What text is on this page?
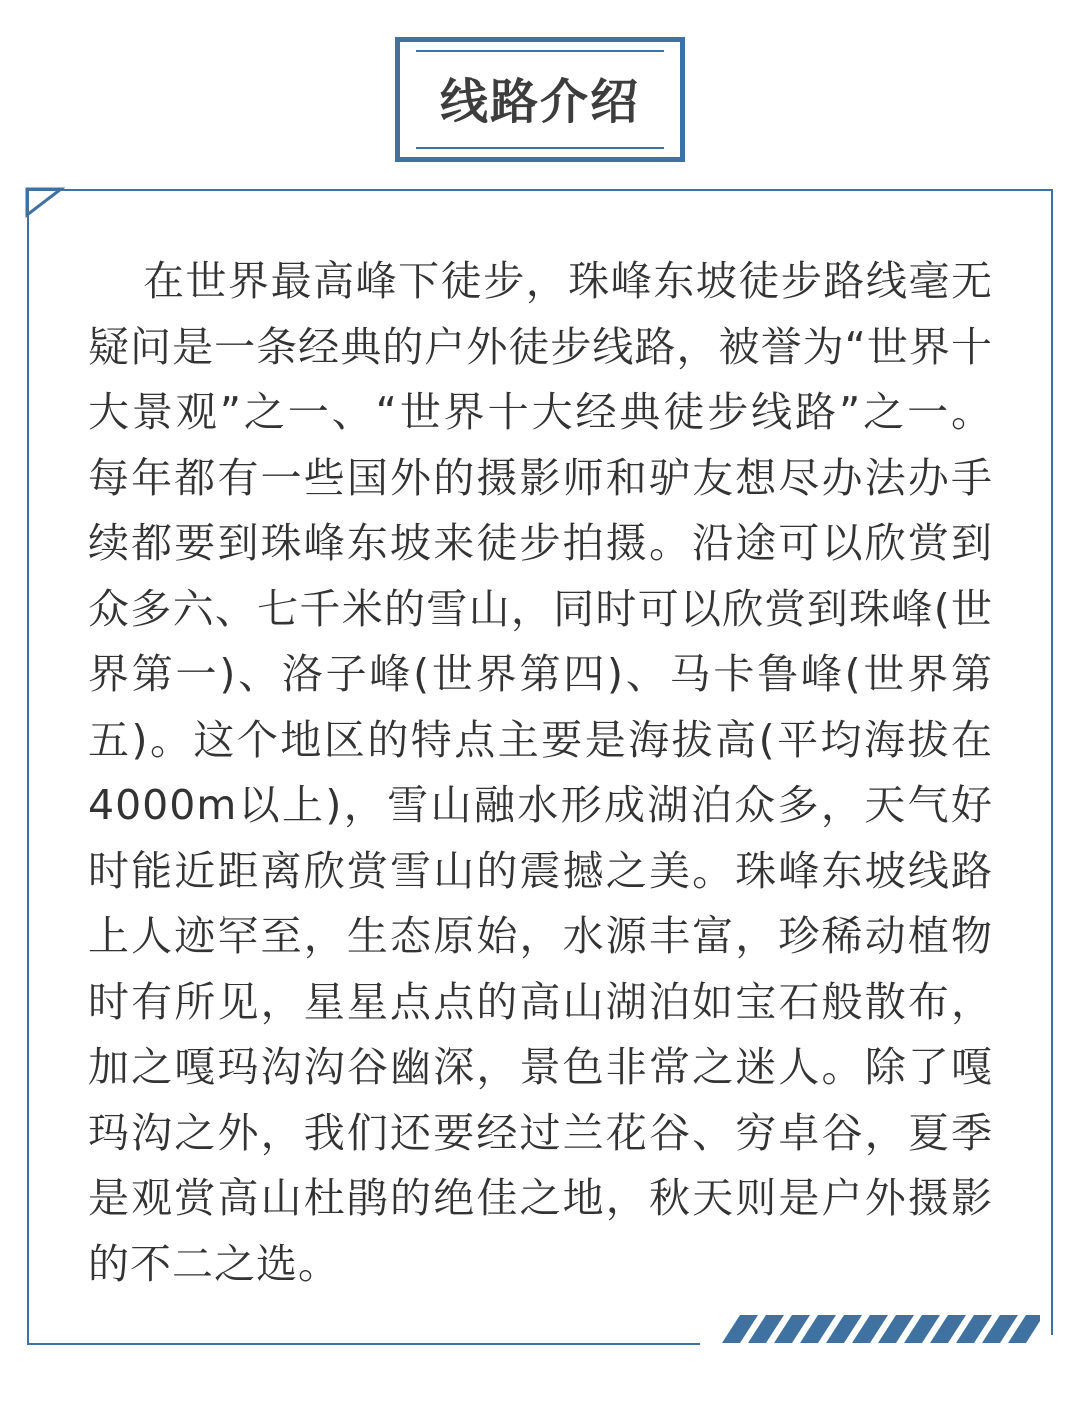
线路介绍

在世界最高峰下徒步，珠峰东坡徒步路线毫无疑问是一条经典的户外徒步线路，被誉为“世界十大景观”之一、“世界十大经典徒步线路”之一。每年都有一些国外的摄影师和驴友想尽办法办手续都要到珠峰东坡来徒步拍摄。沿途可以欣赏到众多六、七千米的雪山，同时可以欣赏到珠峰(世界第一)、洛子峰(世界第四)、马卡鲁峰(世界第五)。这个地区的特点主要是海拔高(平均海拔在4000m以上)，雪山融水形成湖泊众多，天气好时能近距离欣赏雪山的震撼之美。珠峰东坡线路上人迹罕至，生态原始，水源丰富，珍稀动植物时有所见，星星点点的高山湖泊如宝石般散布，加之嘎玛沟沟谷幽深，景色非常之迷人。除了嘎玛沟之外，我们还要经过兰花谷、穷卓谷，夏季是观赏高山杜鹃的绝佳之地，秋天则是户外摄影的不二之选。
